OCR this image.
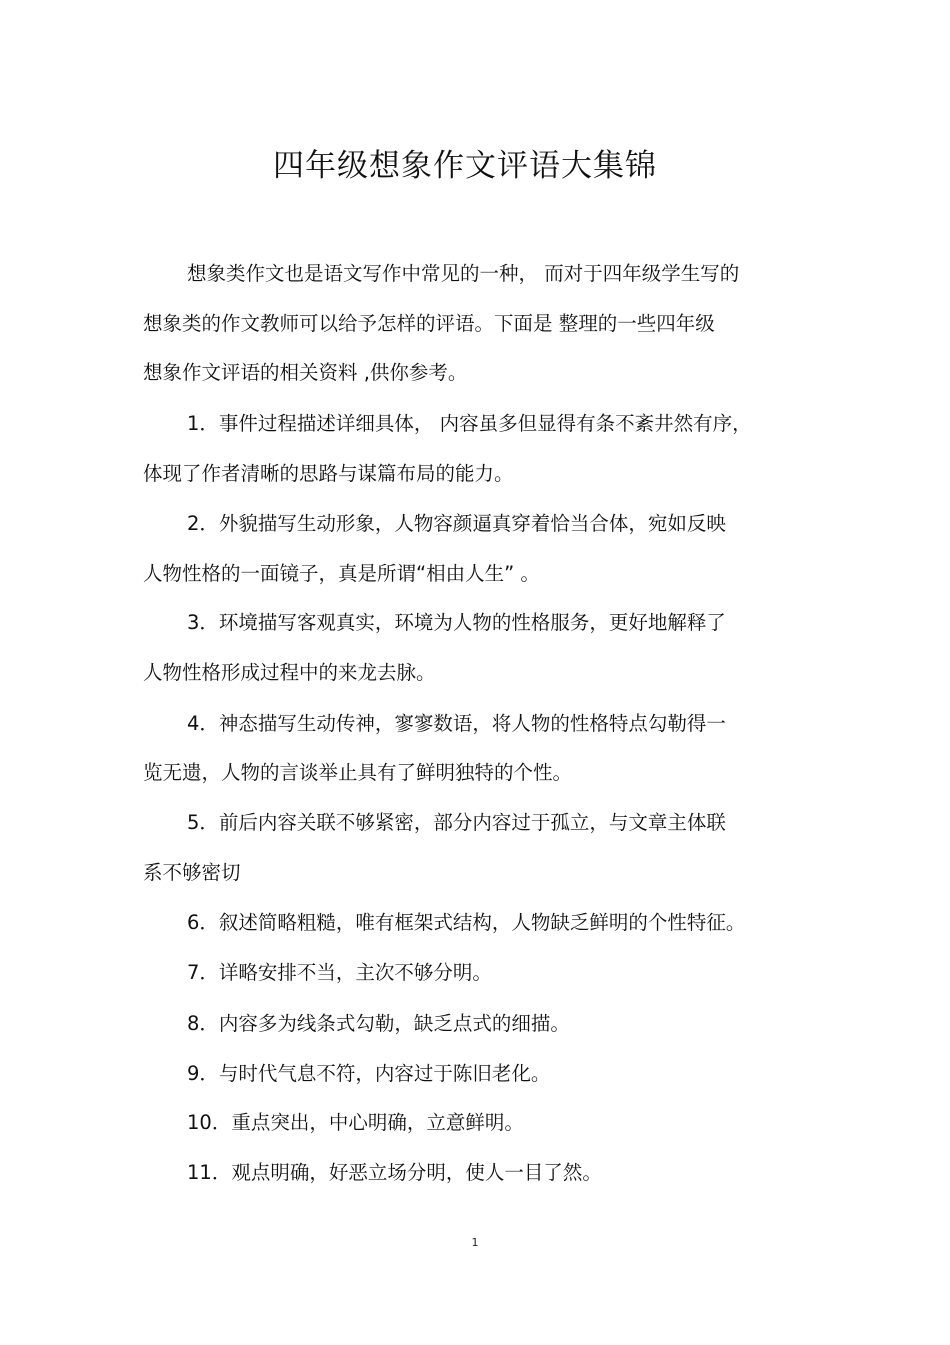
四年级想象作文评语大集锦
想象类作文也是语文写作中常见的一种， 而对于四年级学生写的
想象类的作文教师可以给予怎样的评语。下面是 整理的一些四年级
想象作文评语的相关资料 ,供你参考。
1．事件过程描述详细具体， 内容虽多但显得有条不紊井然有序，
体现了作者清晰的思路与谋篇布局的能力。
2．外貌描写生动形象，人物容颜逼真穿着恰当合体，宛如反映
人物性格的一面镜子，真是所谓“相由人生” 。
3．环境描写客观真实，环境为人物的性格服务，更好地解释了
人物性格形成过程中的来龙去脉。
4．神态描写生动传神，寥寥数语，将人物的性格特点勾勒得一
览无遗，人物的言谈举止具有了鲜明独特的个性。
5．前后内容关联不够紧密，部分内容过于孤立，与文章主体联
系不够密切
6．叙述简略粗糙，唯有框架式结构，人物缺乏鲜明的个性特征。
7．详略安排不当，主次不够分明。
8．内容多为线条式勾勒，缺乏点式的细描。
9．与时代气息不符，内容过于陈旧老化。
10．重点突出，中心明确，立意鲜明。
11．观点明确，好恶立场分明，使人一目了然。
1
